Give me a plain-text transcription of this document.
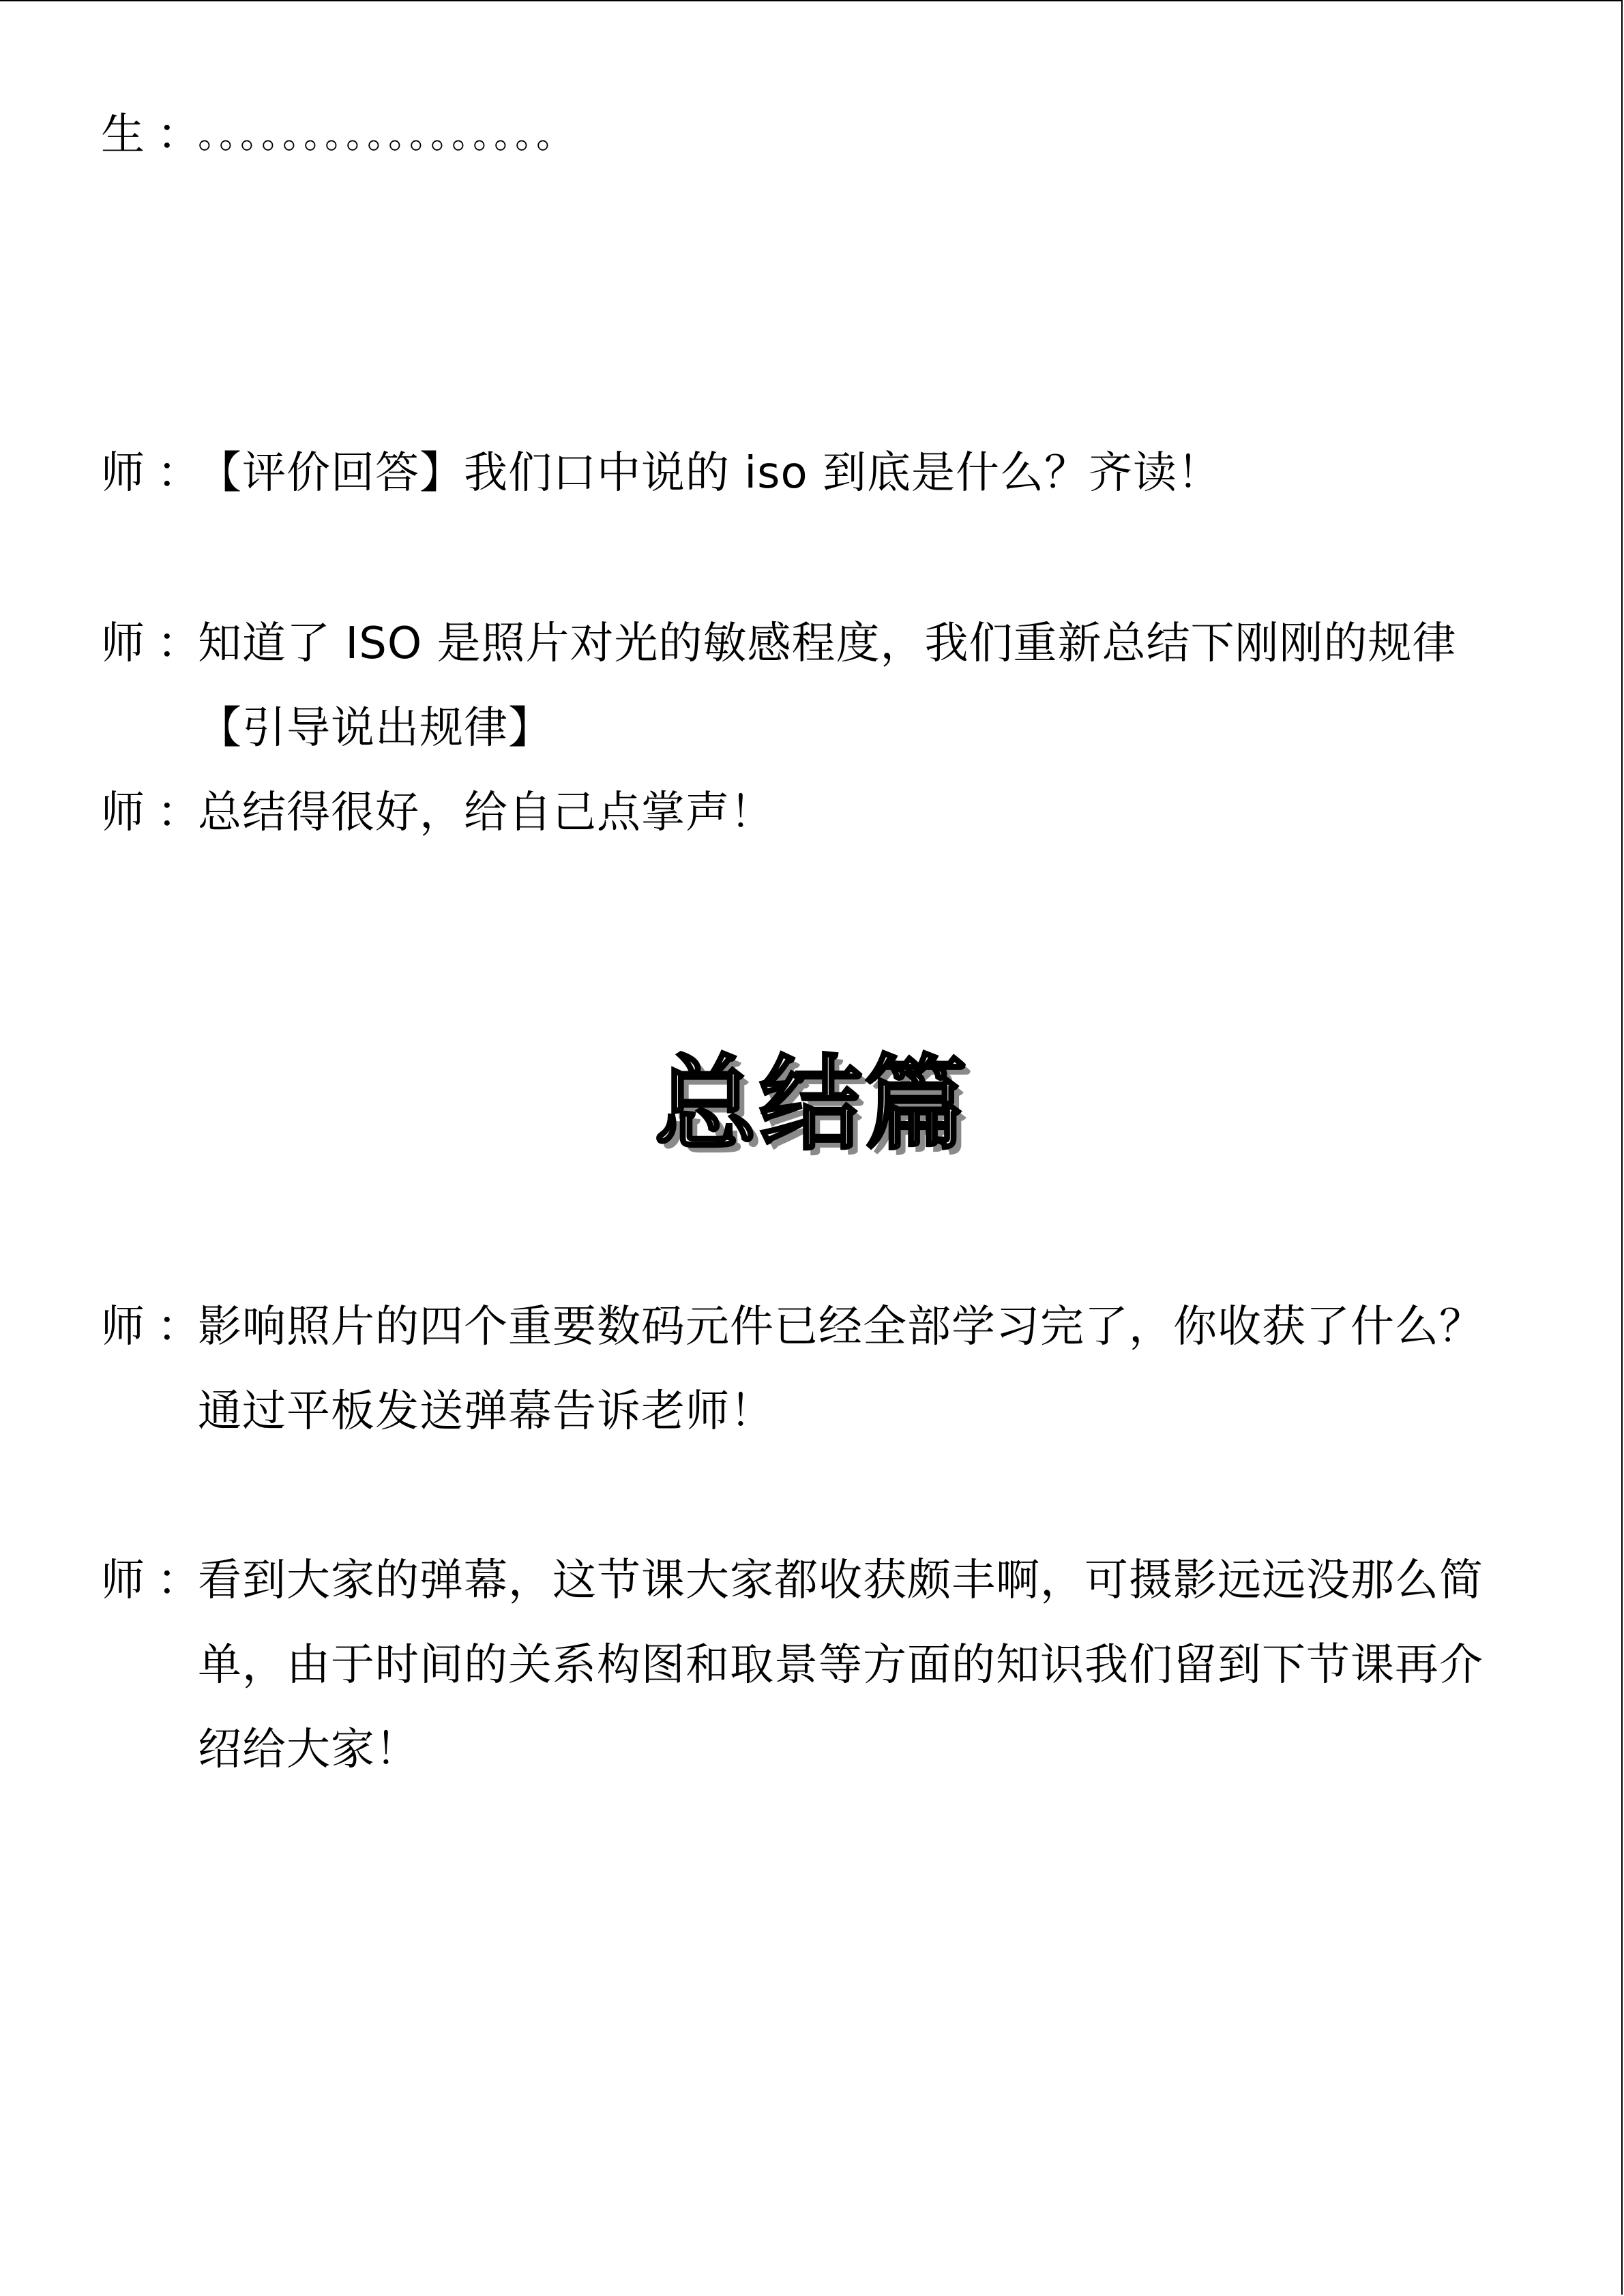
生 ：
。。。。。。。。。。。。。。。。。
师 ：
【评价回答】我们口中说的 iso 到底是什么？齐读！
师 ：
知道了 ISO 是照片对光的敏感程度，我们重新总结下刚刚的规律【引导说出规律】
师 ：
总结得很好，给自己点掌声！
总结篇
师 ：
影响照片的四个重要数码元件已经全部学习完了，你收获了什么？通过平板发送弹幕告诉老师！
师 ：
看到大家的弹幕，这节课大家都收获颇丰啊，可摄影远远没那么简单，由于时间的关系构图和取景等方面的知识我们留到下节课再介绍给大家！
